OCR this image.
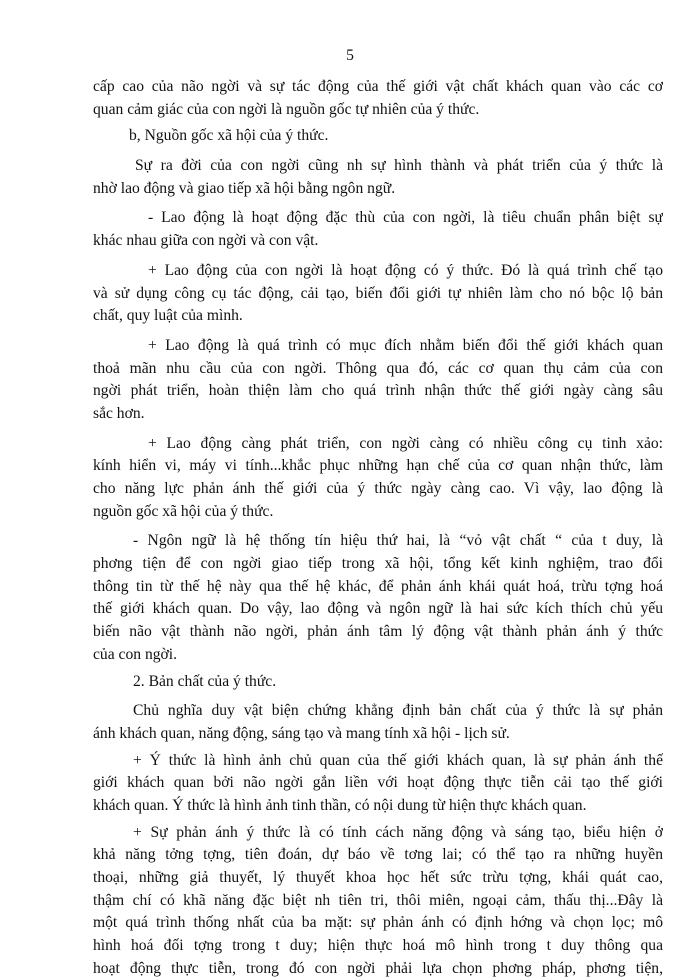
5
cấp cao của não ngời và sự tác động của thế giới vật chất khách quan vào các cơ
quan cảm giác của con ngời là nguồn gốc tự nhiên của ý thức.
b, Nguồn gốc xã hội của ý thức.
Sự ra đời của con ngời cũng nh sự hình thành và phát triển của ý thức là
nhờ lao động và giao tiếp xã hội bằng ngôn ngữ.
- Lao động là hoạt động đặc thù của con ngời, là tiêu chuẩn phân biệt sự
khác nhau giữa con ngời và con vật.
+ Lao động của con ngời là hoạt động có ý thức. Đó là quá trình chế tạo
và sử dụng công cụ tác động, cải tạo, biến đổi giới tự nhiên làm cho nó bộc lộ bản
chất, quy luật của mình.
+ Lao động là quá trình có mục đích nhằm biến đổi thế giới khách quan
thoả mãn nhu cầu của con ngời. Thông qua đó, các cơ quan thụ cảm của con
ngời phát triển, hoàn thiện làm cho quá trình nhận thức thế giới ngày càng sâu
sắc hơn.
+ Lao động càng phát triển, con ngời càng có nhiều công cụ tinh xảo:
kính hiển vi, máy vi tính...khắc phục những hạn chế của cơ quan nhận thức, làm
cho năng lực phản ánh thế giới của ý thức ngày càng cao. Vì vậy, lao động là
nguồn gốc xã hội của ý thức.
- Ngôn ngữ là hệ thống tín hiệu thứ hai, là “vỏ vật chất “ của t duy, là
phơng tiện để con ngời giao tiếp trong xã hội, tổng kết kinh nghiệm, trao đổi
thông tin từ thế hệ này qua thế hệ khác, để phản ánh khái quát hoá, trừu tợng hoá
thế giới khách quan. Do vậy, lao động và ngôn ngữ là hai sức kích thích chủ yếu
biến não vật thành não ngời, phản ánh tâm lý động vật thành phản ánh ý thức
của con ngời.
2. Bản chất của ý thức.
Chủ nghĩa duy vật biện chứng khẳng định bản chất của ý thức là sự phản
ánh khách quan, năng động, sáng tạo và mang tính xã hội - lịch sử.
+ Ý thức là hình ảnh chủ quan của thế giới khách quan, là sự phản ánh thế
giới khách quan bởi não ngời gắn liền với hoạt động thực tiễn cải tạo thế giới
khách quan. Ý thức là hình ảnh tinh thần, có nội dung từ hiện thực khách quan.
+ Sự phản ánh ý thức là có tính cách năng động và sáng tạo, biểu hiện ở
khả năng tởng tợng, tiên đoán, dự báo về tơng lai; có thể tạo ra những huyền
thoại, những giả thuyết, lý thuyết khoa học hết sức trừu tợng, khái quát cao,
thậm chí có khã năng đặc biệt nh tiên tri, thôi miên, ngoại cảm, thấu thị...Đây là
một quá trình thống nhất của ba mặt: sự phản ánh có định hớng và chọn lọc; mô
hình hoá đối tợng trong t duy; hiện thực hoá mô hình trong t duy thông qua
hoạt động thực tiễn, trong đó con ngời phải lựa chọn phơng pháp, phơng tiện,
